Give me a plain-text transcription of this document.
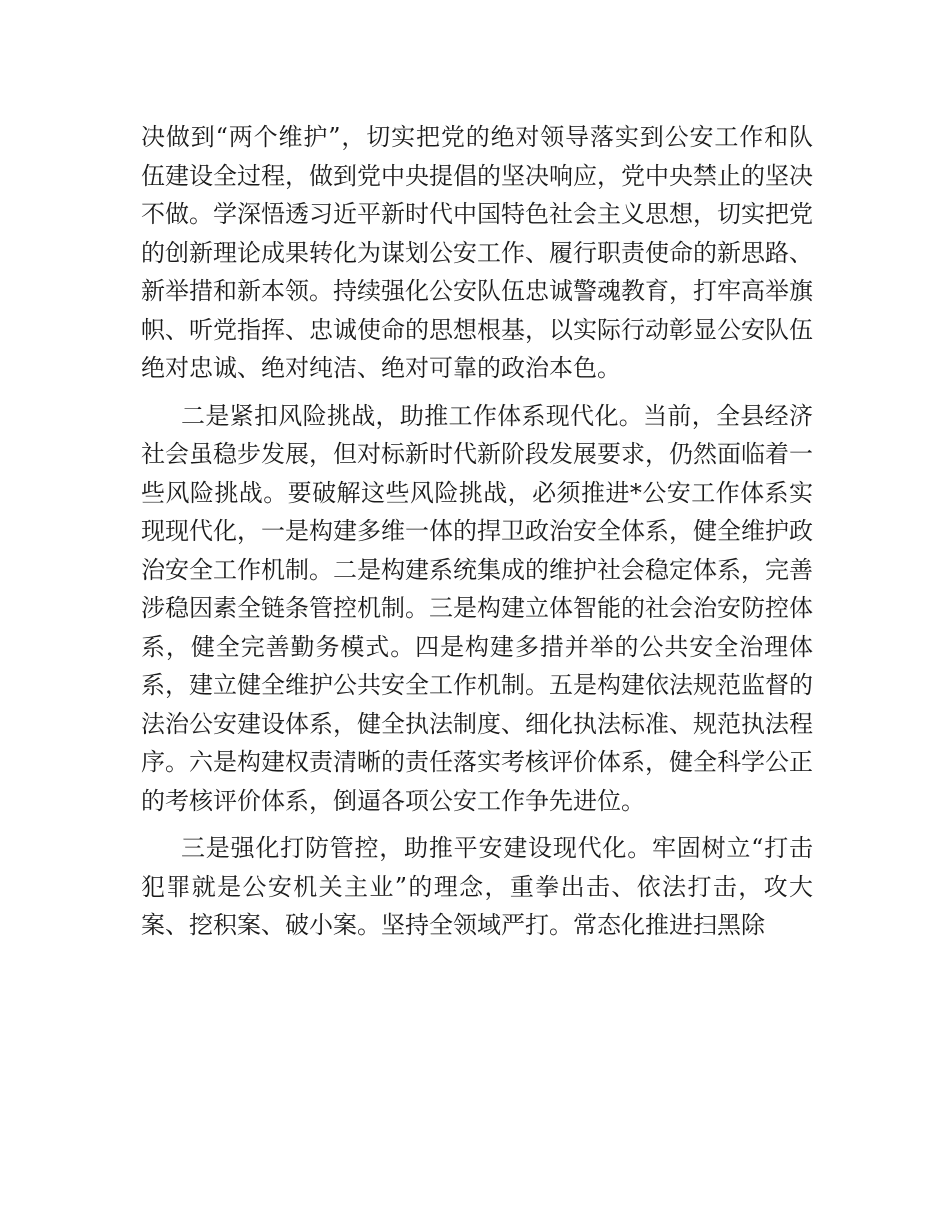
决做到“两个维护”，切实把党的绝对领导落实到公安工作和队伍建设全过程，做到党中央提倡的坚决响应，党中央禁止的坚决不做。学深悟透习近平新时代中国特色社会主义思想，切实把党的创新理论成果转化为谋划公安工作、履行职责使命的新思路、新举措和新本领。持续强化公安队伍忠诚警魂教育，打牢高举旗帜、听党指挥、忠诚使命的思想根基，以实际行动彰显公安队伍绝对忠诚、绝对纯洁、绝对可靠的政治本色。

二是紧扣风险挑战，助推工作体系现代化。当前，全县经济社会虽稳步发展，但对标新时代新阶段发展要求，仍然面临着一些风险挑战。要破解这些风险挑战，必须推进*公安工作体系实现现代化，一是构建多维一体的捍卫政治安全体系，健全维护政治安全工作机制。二是构建系统集成的维护社会稳定体系，完善涉稳因素全链条管控机制。三是构建立体智能的社会治安防控体系，健全完善勤务模式。四是构建多措并举的公共安全治理体系，建立健全维护公共安全工作机制。五是构建依法规范监督的法治公安建设体系，健全执法制度、细化执法标准、规范执法程序。六是构建权责清晰的责任落实考核评价体系，健全科学公正的考核评价体系，倒逼各项公安工作争先进位。

三是强化打防管控，助推平安建设现代化。牢固树立“打击犯罪就是公安机关主业”的理念，重拳出击、依法打击，攻大案、挖积案、破小案。坚持全领域严打。常态化推进扫黑除
